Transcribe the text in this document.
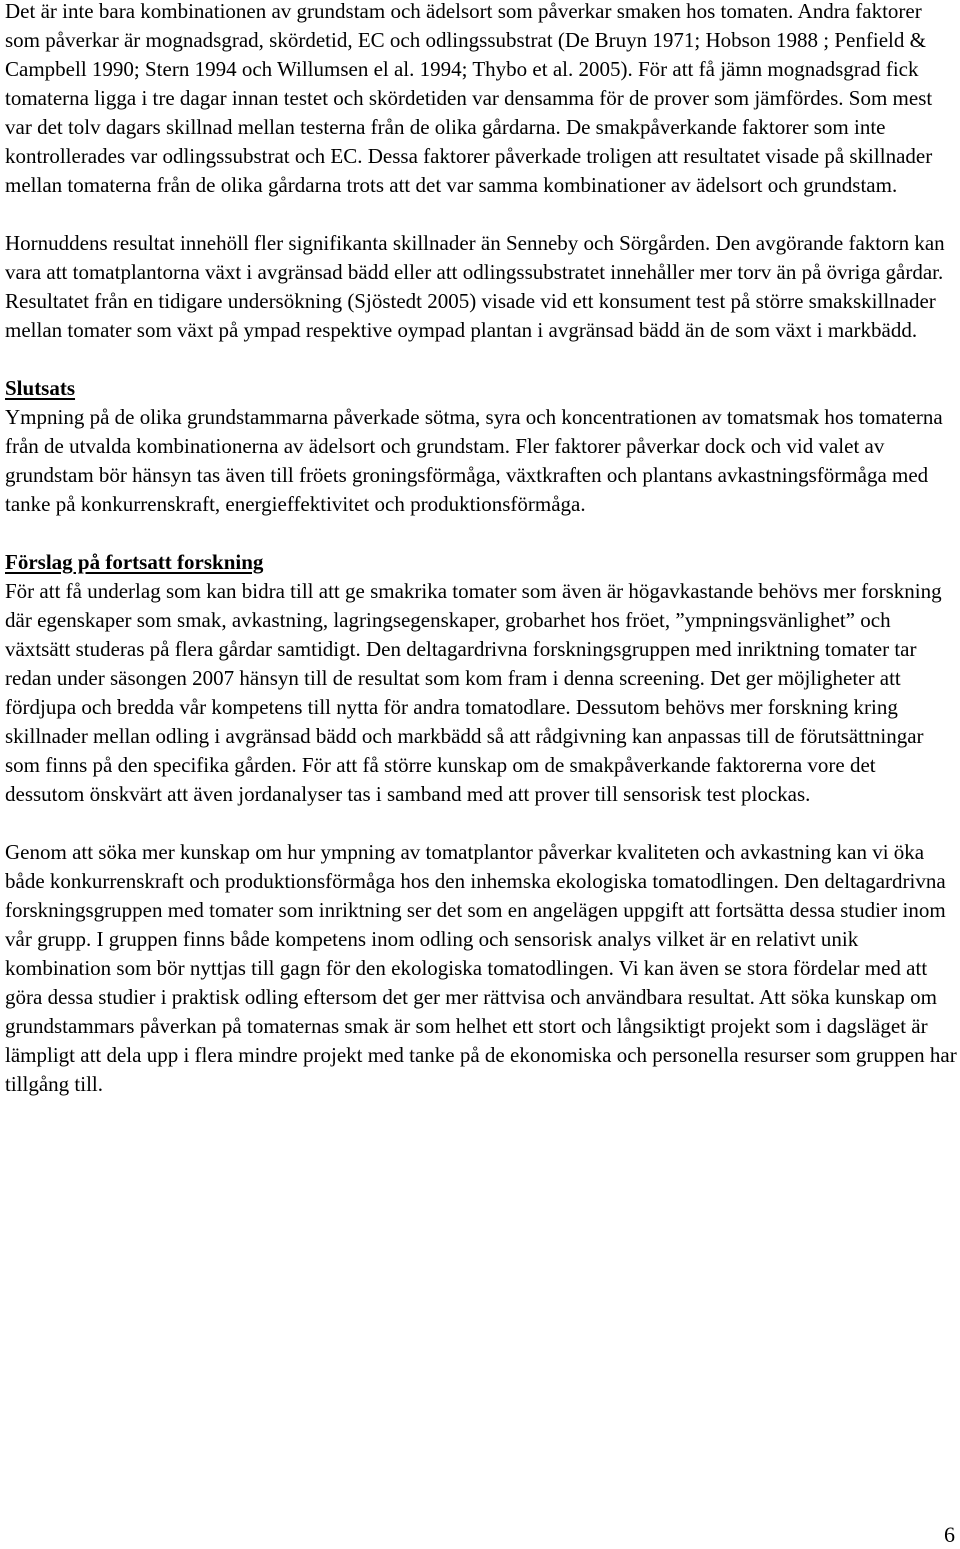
Det är inte bara kombinationen av grundstam och ädelsort som påverkar smaken hos tomaten. Andra faktorer som påverkar är mognadsgrad, skördetid, EC och odlingssubstrat (De Bruyn 1971; Hobson 1988 ; Penfield & Campbell 1990; Stern 1994 och Willumsen el al. 1994; Thybo et al. 2005). För att få jämn mognadsgrad fick tomaterna ligga i tre dagar innan testet och skördetiden var densamma för de prover som jämfördes. Som mest var det tolv dagars skillnad mellan testerna från de olika gårdarna. De smakpåverkande faktorer som inte kontrollerades var odlingssubstrat och EC. Dessa faktorer påverkade troligen att resultatet visade på skillnader mellan tomaterna från de olika gårdarna trots att det var samma kombinationer av ädelsort och grundstam.

Hornuddens resultat innehöll fler signifikanta skillnader än Senneby och Sörgården. Den avgörande faktorn kan vara att tomatplantorna växt i avgränsad bädd eller att odlingssubstratet innehåller mer torv än på övriga gårdar. Resultatet från en tidigare undersökning (Sjöstedt 2005) visade vid ett konsument test på större smakskillnader mellan tomater som växt på ympad respektive oympad plantan i avgränsad bädd än de som växt i markbädd.

Slutsats

Ympning på de olika grundstammarna påverkade sötma, syra och koncentrationen av tomatsmak hos tomaterna från de utvalda kombinationerna av ädelsort och grundstam. Fler faktorer påverkar dock och vid valet av grundstam bör hänsyn tas även till fröets groningsförmåga, växtkraften och plantans avkastningsförmåga med tanke på konkurrenskraft, energieffektivitet och produktionsförmåga.

Förslag på fortsatt forskning

För att få underlag som kan bidra till att ge smakrika tomater som även är högavkastande behövs mer forskning där egenskaper som smak, avkastning, lagringsegenskaper, grobarhet hos fröet, ”ympningsvänlighet” och växtsätt studeras på flera gårdar samtidigt. Den deltagardrivna forskningsgruppen med inriktning tomater tar redan under säsongen 2007 hänsyn till de resultat som kom fram i denna screening. Det ger möjligheter att fördjupa och bredda vår kompetens till nytta för andra tomatodlare. Dessutom behövs mer forskning kring skillnader mellan odling i avgränsad bädd och markbädd så att rådgivning kan anpassas till de förutsättningar som finns på den specifika gården. För att få större kunskap om de smakpåverkande faktorerna vore det dessutom önskvärt att även jordanalyser tas i samband med att prover till sensorisk test plockas.

Genom att söka mer kunskap om hur ympning av tomatplantor påverkar kvaliteten och avkastning kan vi öka både konkurrenskraft och produktionsförmåga hos den inhemska ekologiska tomatodlingen. Den deltagardrivna forskningsgruppen med tomater som inriktning ser det som en angelägen uppgift att fortsätta dessa studier inom vår grupp. I gruppen finns både kompetens inom odling och sensorisk analys vilket är en relativt unik kombination som bör nyttjas till gagn för den ekologiska tomatodlingen. Vi kan även se stora fördelar med att göra dessa studier i praktisk odling eftersom det ger mer rättvisa och användbara resultat. Att söka kunskap om grundstammars påverkan på tomaternas smak är som helhet ett stort och långsiktigt projekt som i dagsläget är lämpligt att dela upp i flera mindre projekt med tanke på de ekonomiska och personella resurser som gruppen har tillgång till.

6
